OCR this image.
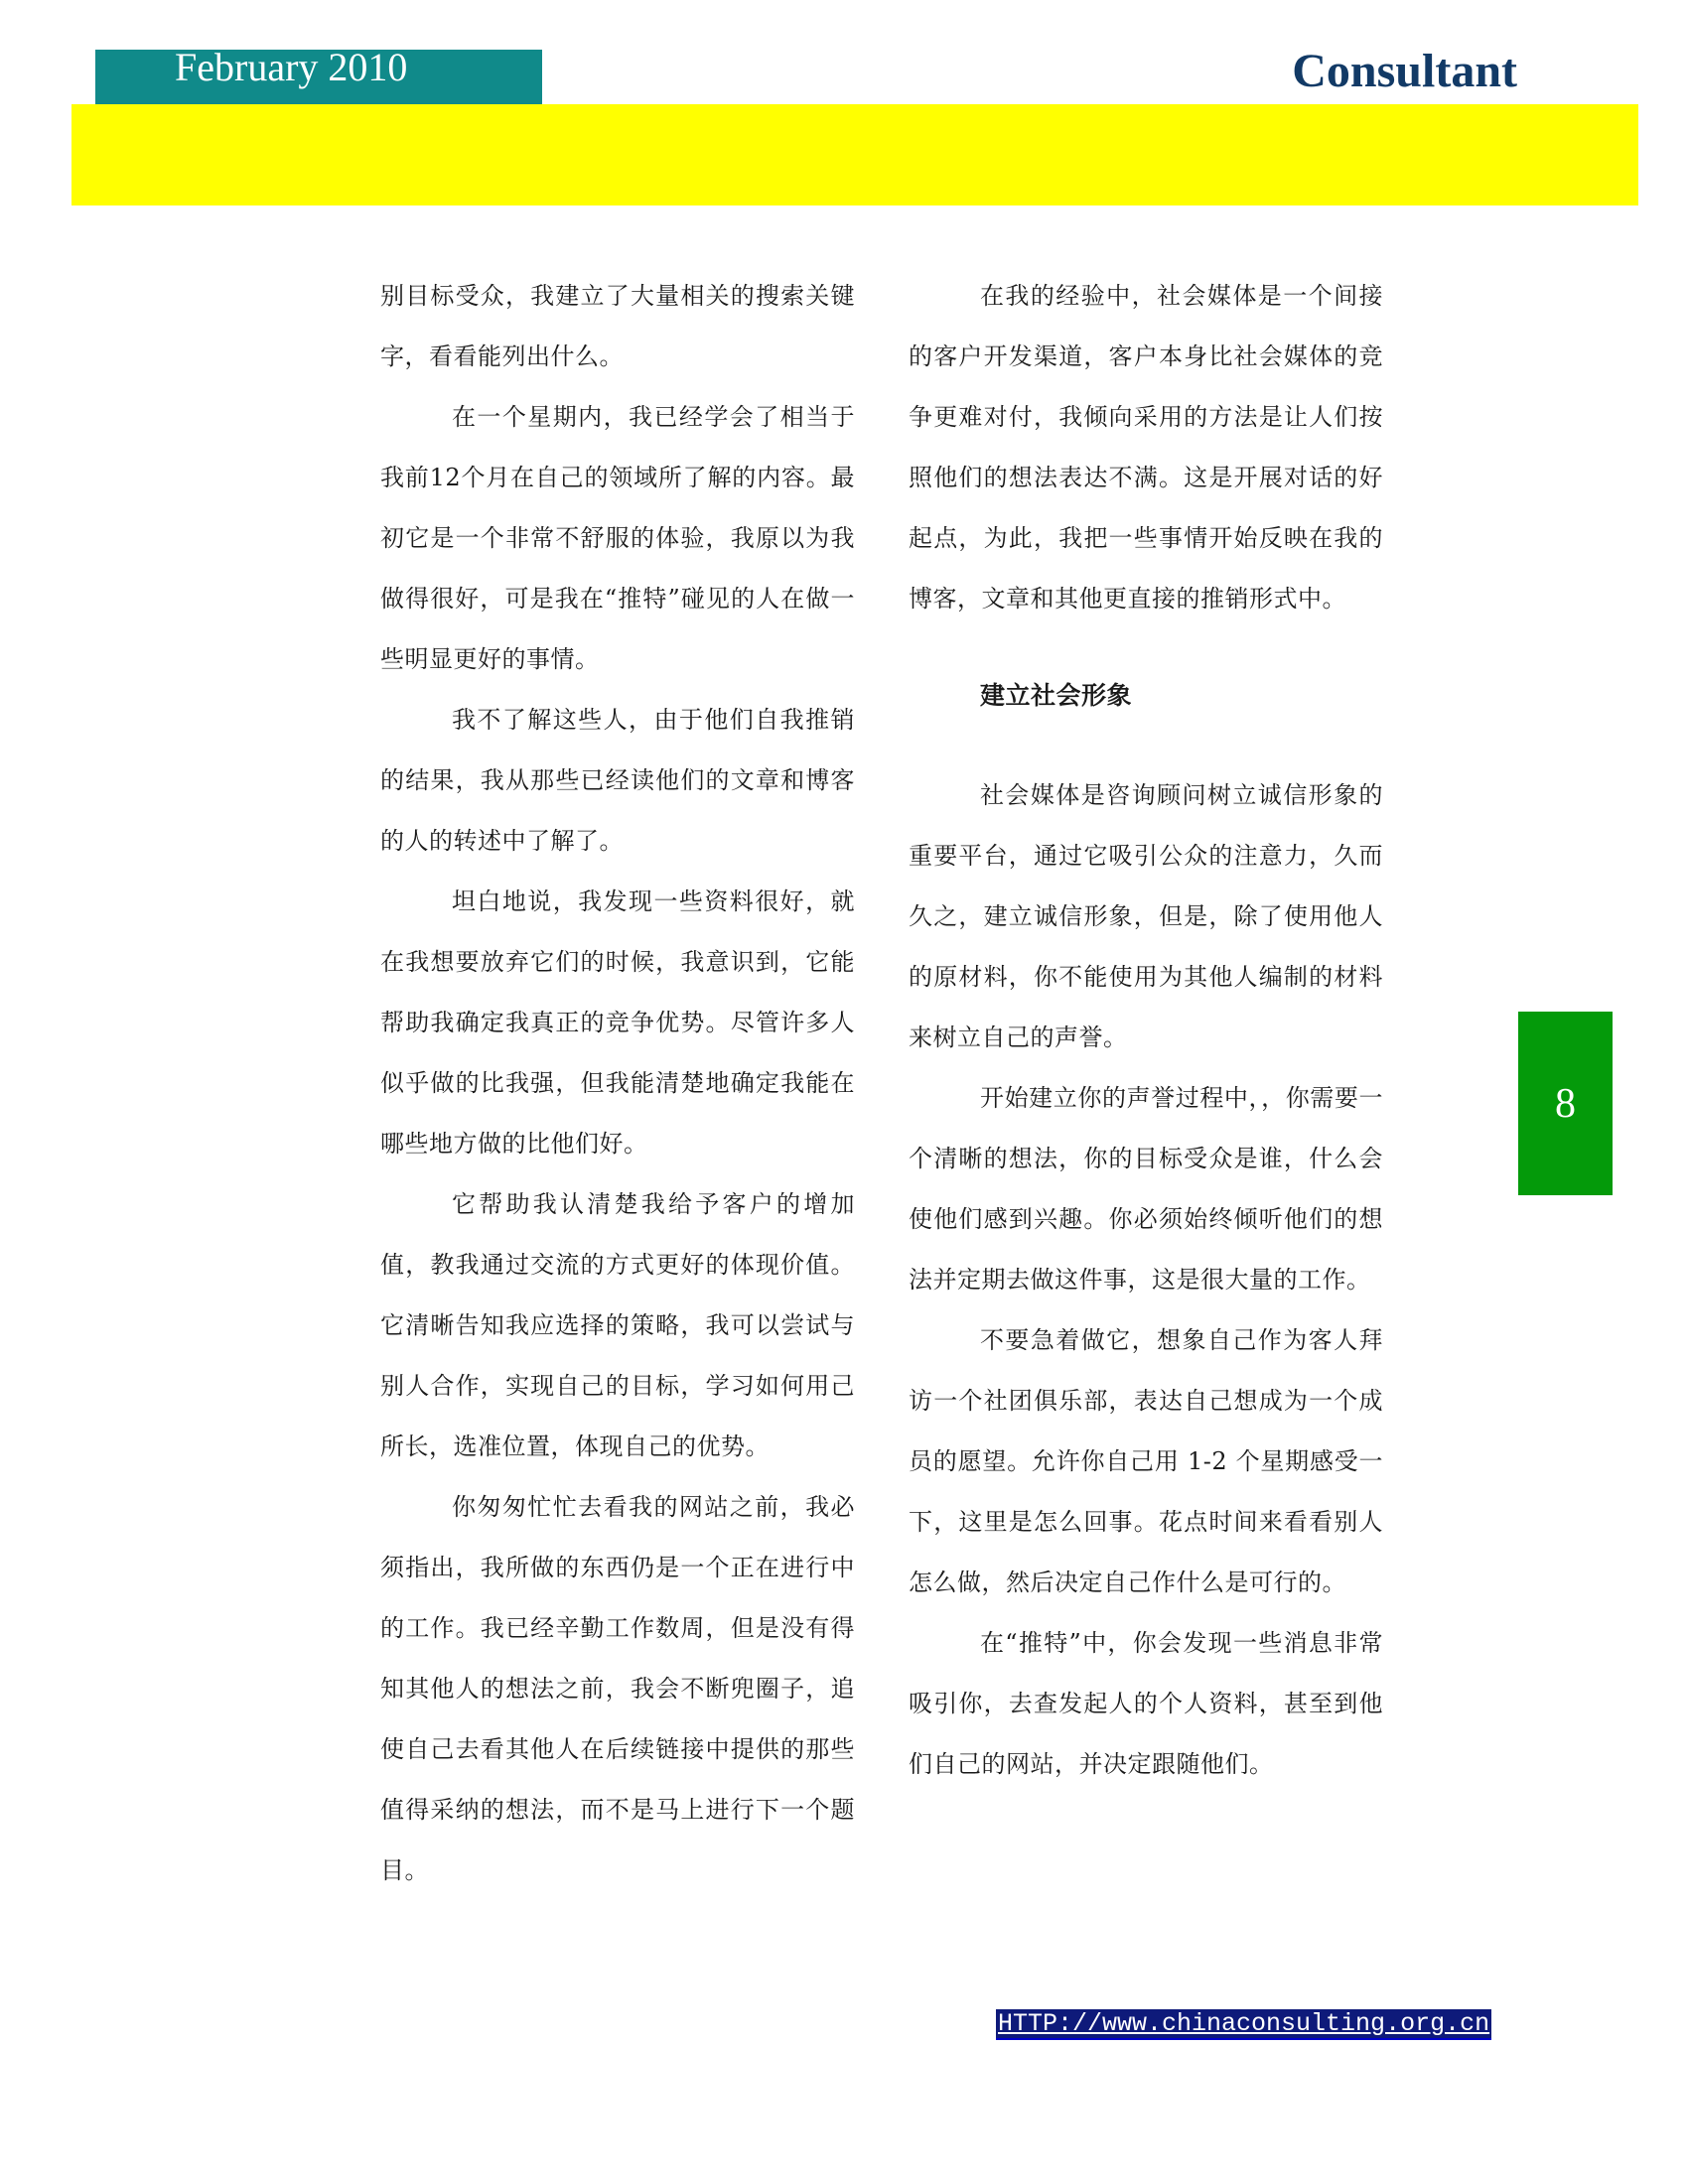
February 2010	Consultant

别目标受众，我建立了大量相关的搜索关键字，看看能列出什么。

在一个星期内，我已经学会了相当于我前12个月在自己的领域所了解的内容。最初它是一个非常不舒服的体验，我原以为我做得很好，可是我在“推特”碰见的人在做一些明显更好的事情。

我不了解这些人，由于他们自我推销的结果，我从那些已经读他们的文章和博客的人的转述中了解了。

坦白地说，我发现一些资料很好，就在我想要放弃它们的时候，我意识到，它能帮助我确定我真正的竞争优势。尽管许多人似乎做的比我强，但我能清楚地确定我能在哪些地方做的比他们好。

它帮助我认清楚我给予客户的增加值，教我通过交流的方式更好的体现价值。它清晰告知我应选择的策略，我可以尝试与别人合作，实现自己的目标，学习如何用己所长，选准位置，体现自己的优势。

你匆匆忙忙去看我的网站之前，我必须指出，我所做的东西仍是一个正在进行中的工作。我已经辛勤工作数周，但是没有得知其他人的想法之前，我会不断兜圈子，追使自己去看其他人在后续链接中提供的那些值得采纳的想法，而不是马上进行下一个题目。

在我的经验中，社会媒体是一个间接的客户开发渠道，客户本身比社会媒体的竞争更难对付，我倾向采用的方法是让人们按照他们的想法表达不满。这是开展对话的好起点，为此，我把一些事情开始反映在我的博客，文章和其他更直接的推销形式中。

建立社会形象

社会媒体是咨询顾问树立诚信形象的重要平台，通过它吸引公众的注意力，久而久之，建立诚信形象，但是，除了使用他人的原材料，你不能使用为其他人编制的材料来树立自己的声誉。

开始建立你的声誉过程中，，你需要一个清晰的想法，你的目标受众是谁，什么会使他们感到兴趣。你必须始终倾听他们的想法并定期去做这件事，这是很大量的工作。

不要急着做它，想象自己作为客人拜访一个社团俱乐部，表达自己想成为一个成员的愿望。允许你自己用 1-2 个星期感受一下，这里是怎么回事。花点时间来看看别人怎么做，然后决定自己作什么是可行的。

在“推特”中，你会发现一些消息非常吸引你，去查发起人的个人资料，甚至到他们自己的网站，并决定跟随他们。

8
HTTP://www.chinaconsulting.org.cn
